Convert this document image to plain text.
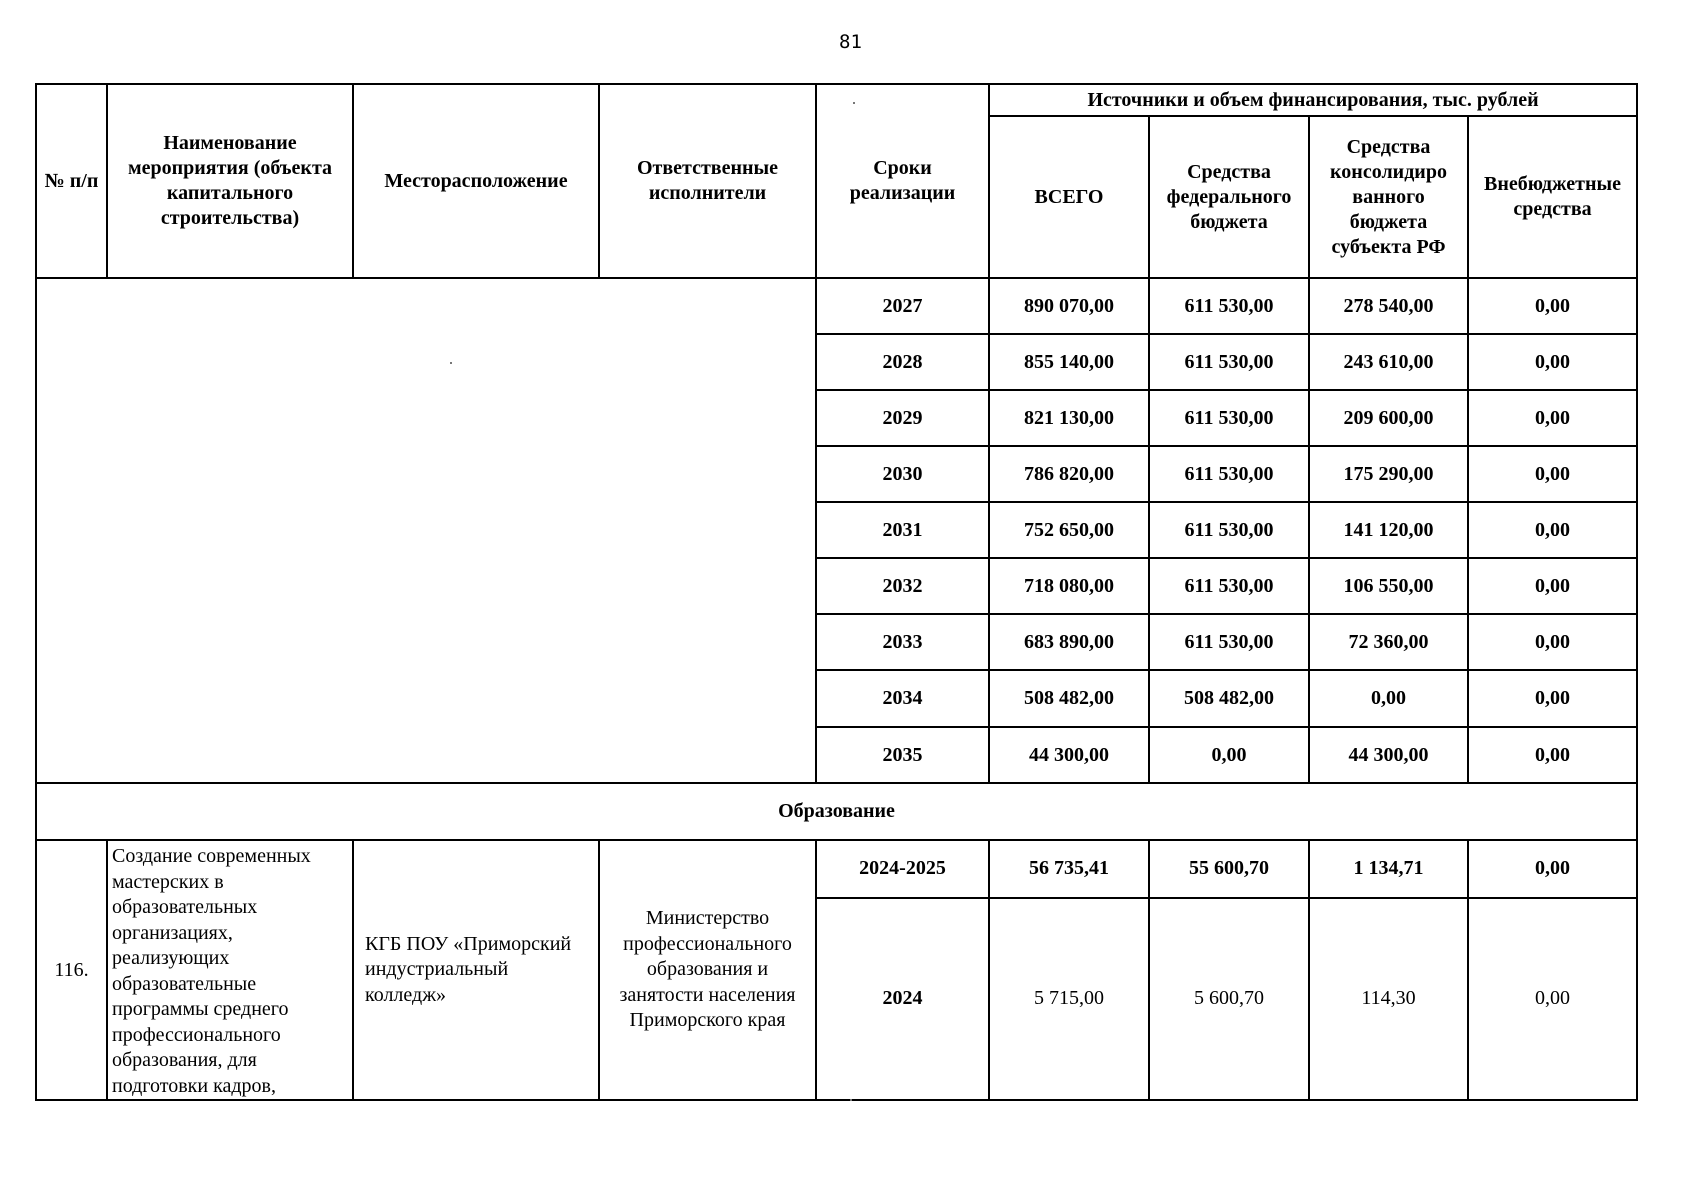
81
№ п/п	Наименование мероприятия (объекта капитального строительства)	Месторасположение	Ответственные исполнители	Сроки реализации	Источники и объем финансирования, тыс. рублей			
					ВСЕГО	Средства федерального бюджета	Средства консолидиро ванного бюджета субъекта РФ	Внебюджетные средства
				2027	890 070,00	611 530,00	278 540,00	0,00
				2028	855 140,00	611 530,00	243 610,00	0,00
				2029	821 130,00	611 530,00	209 600,00	0,00
				2030	786 820,00	611 530,00	175 290,00	0,00
				2031	752 650,00	611 530,00	141 120,00	0,00
				2032	718 080,00	611 530,00	106 550,00	0,00
				2033	683 890,00	611 530,00	72 360,00	0,00
				2034	508 482,00	508 482,00	0,00	0,00
				2035	44 300,00	0,00	44 300,00	0,00
Образование								
116.	Создание современных мастерских в образовательных организациях, реализующих образовательные программы среднего профессионального образования, для подготовки кадров,	КГБ ПОУ «Приморский индустриальный колледж»	Министерство профессионального образования и занятости населения Приморского края	2024-2025	56 735,41	55 600,70	1 134,71	0,00
				2024	5 715,00	5 600,70	114,30	0,00
